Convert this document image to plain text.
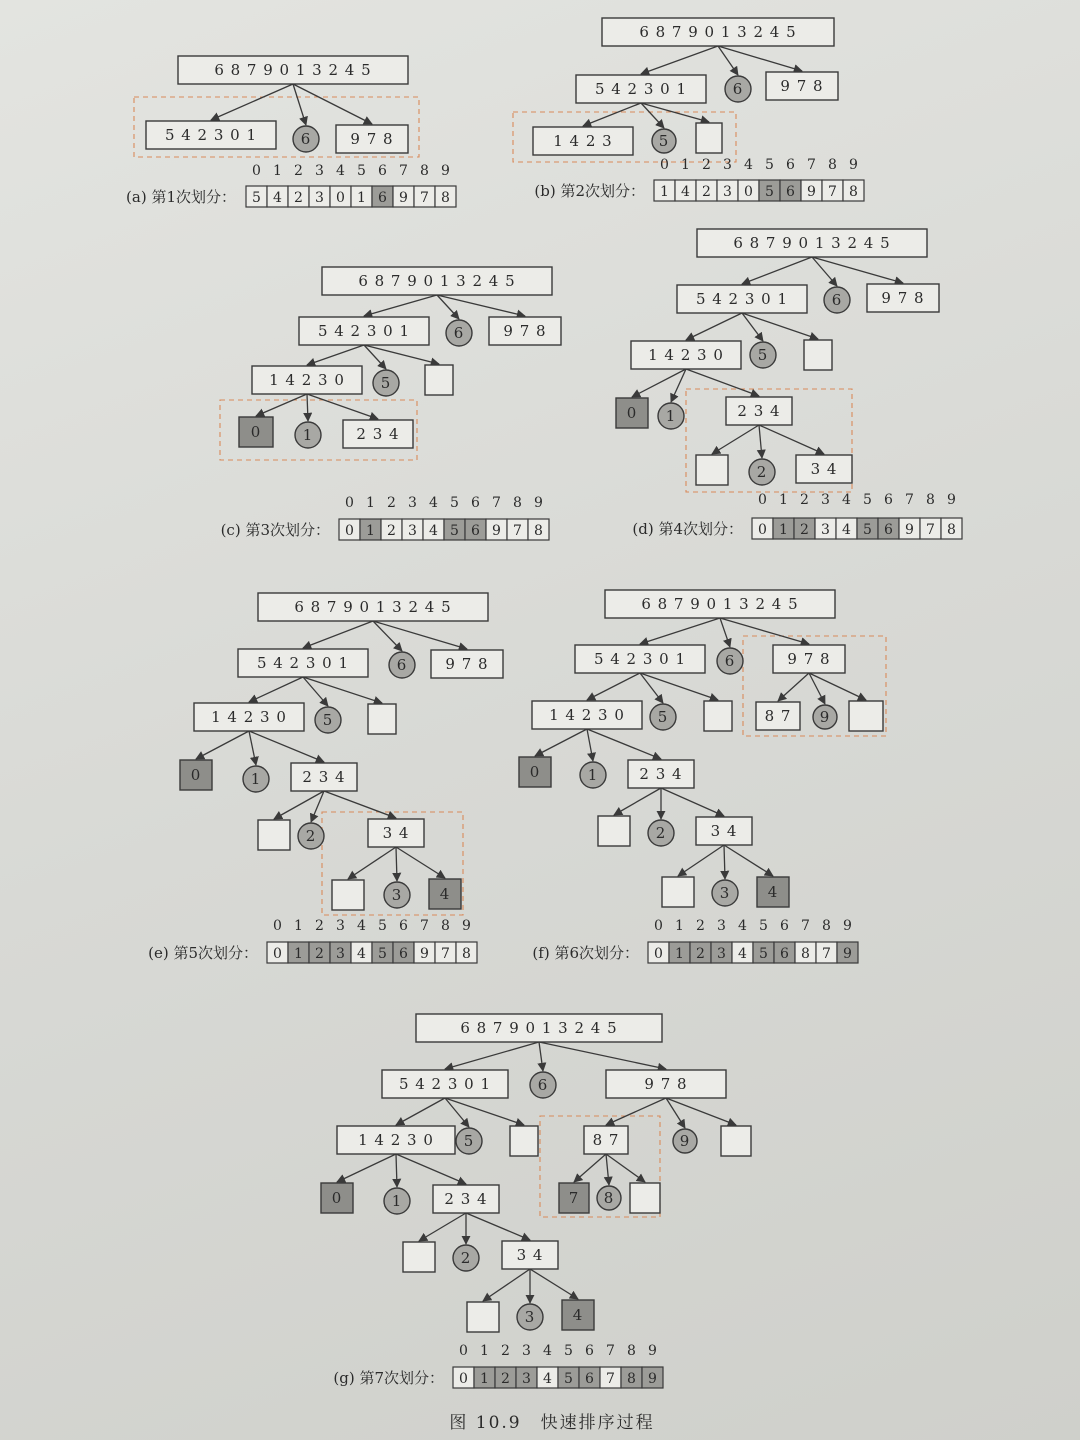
6 8 7 9 0 1 3 2 4 5
5 4 2 3 0 1	6	9 7 8
(a) 第1次划分：
0 1 2 3 4 5 6 7 8 9
5 4 2 3 0 1 6 9 7 8
6 8 7 9 0 1 3 2 4 5
5 4 2 3 0 1	6 9 7 8
1 4 2 3	5
(b) 第2次划分：
0 1 2 3 4 5 6 7 8 9
1 4 2 3 0 5 6 9 7 8
6 8 7 9 0 1 3 2 4 5
5 4 2 3 0 1	6	9 7 8
1 4 2 3 0 5
0	1	2 3 4
(c) 第3次划分：
0 1 2 3 4 5 6 7 8 9
0 1 2 3 4 5 6 9 7 8
6 8 7 9 0 1 3 2 4 5
5 4 2 3 0 1	6	9 7 8
1 4 2 3 0 5
0 1	2 3 4
2	3 4
(d) 第4次划分：
0 1 2 3 4 5 6 7 8 9
0 1 2 3 4 5 6 9 7 8
6 8 7 9 0 1 3 2 4 5
5 4 2 3 0 1	6	9 7 8
1 4 2 3 0 5
0	1	2 3 4
2	3 4
3 4
(e) 第5次划分：
0 1 2 3 4 5 6 7 8 9
0 1 2 3 4 5 6 9 7 8
6 8 7 9 0 1 3 2 4 5
5 4 2 3 0 1	6	9 7 8
1 4 2 3 0 5
0	1	2 3 4
2	3 4
3 4
8 7 9
(f) 第6次划分：
0 1 2 3 4 5 6 7 8 9
0 1 2 3 4 5 6 8 7 9
6 8 7 9 0 1 3 2 4 5
5 4 2 3 0 1	6	9 7 8
1 4 2 3 0 5	8 7	9
0	1	2 3 4	7 8
2	3 4
3 4
(g) 第7次划分：
0 1 2 3 4 5 6 7 8 9
0 1 2 3 4 5 6 7 8 9
图 10.9　快速排序过程
